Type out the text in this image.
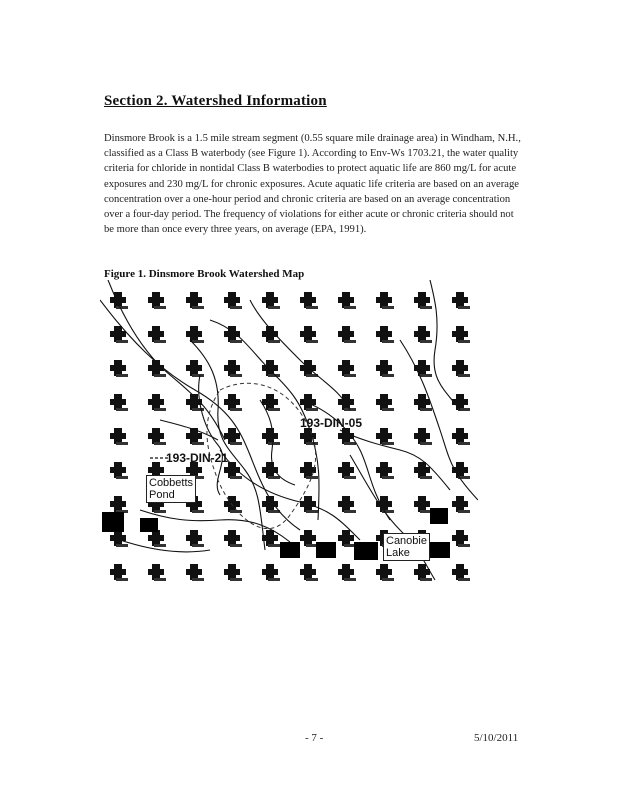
Section 2. Watershed Information
Dinsmore Brook is a 1.5 mile stream segment (0.55 square mile drainage area) in Windham, N.H., classified as a Class B waterbody (see Figure 1). According to Env-Ws 1703.21, the water quality criteria for chloride in nontidal Class B waterbodies to protect aquatic life are 860 mg/L for acute exposures and 230 mg/L for chronic exposures. Acute aquatic life criteria are based on an average concentration over a one-hour period and chronic criteria are based on an average concentration over a four-day period. The frequency of violations for either acute or chronic criteria should not be more than once every three years, on average (EPA, 1991).
Figure 1. Dinsmore Brook Watershed Map
193-DIN-05
193-DIN-21
Cobbetts
Pond
Canobie
Lake
- 7 -	5/10/2011
